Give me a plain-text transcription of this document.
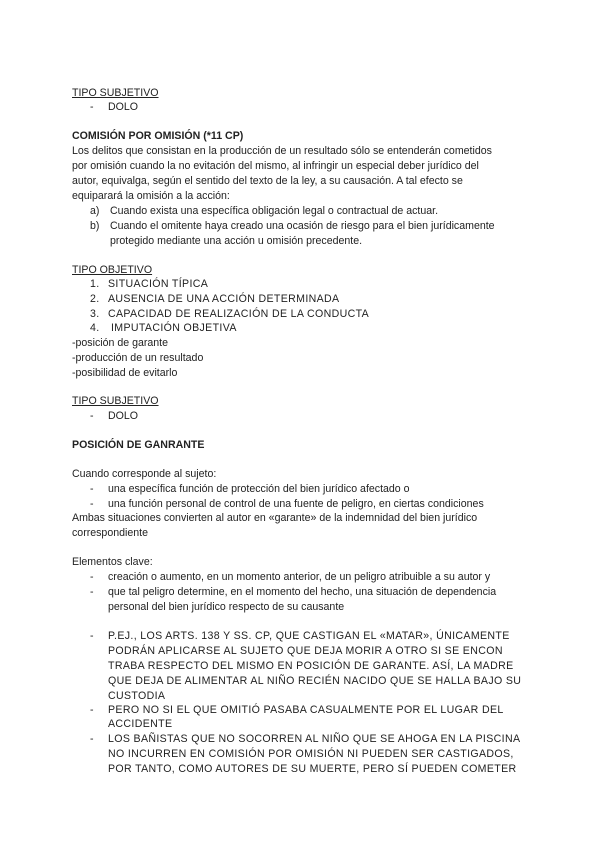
TIPO SUBJETIVO
- DOLO
COMISIÓN POR OMISIÓN (*11 CP)
Los delitos que consistan en la producción de un resultado sólo se entenderán cometidos
por omisión cuando la no evitación del mismo, al infringir un especial deber jurídico del
autor, equivalga, según el sentido del texto de la ley, a su causación. A tal efecto se
equiparará la omisión a la acción:
a) Cuando exista una específica obligación legal o contractual de actuar.
b) Cuando el omitente haya creado una ocasión de riesgo para el bien jurídicamente
protegido mediante una acción u omisión precedente.
TIPO OBJETIVO
1. SITUACIÓN TÍPICA
2. AUSENCIA DE UNA ACCIÓN DETERMINADA
3. CAPACIDAD DE REALIZACIÓN DE LA CONDUCTA
4. IMPUTACIÓN OBJETIVA
-posición de garante
-producción de un resultado
-posibilidad de evitarlo
TIPO SUBJETIVO
- DOLO
POSICIÓN DE GANRANTE
Cuando corresponde al sujeto:
- una específica función de protección del bien jurídico afectado o
- una función personal de control de una fuente de peligro, en ciertas condiciones
Ambas situaciones convierten al autor en «garante» de la indemnidad del bien jurídico
correspondiente
Elementos clave:
- creación o aumento, en un momento anterior, de un peligro atribuible a su autor y
- que tal peligro determine, en el momento del hecho, una situación de dependencia
personal del bien jurídico respecto de su causante
- P.EJ., LOS ARTS. 138 Y SS. CP, QUE CASTIGAN EL «MATAR», ÚNICAMENTE
PODRÁN APLICARSE AL SUJETO QUE DEJA MORIR A OTRO SI SE ENCON
TRABA RESPECTO DEL MISMO EN POSICIÓN DE GARANTE. ASÍ, LA MADRE
QUE DEJA DE ALIMENTAR AL NIÑO RECIÉN NACIDO QUE SE HALLA BAJO SU
CUSTODIA
- PERO NO SI EL QUE OMITIÓ PASABA CASUALMENTE POR EL LUGAR DEL
ACCIDENTE
- LOS BAÑISTAS QUE NO SOCORREN AL NIÑO QUE SE AHOGA EN LA PISCINA
NO INCURREN EN COMISIÓN POR OMISIÓN NI PUEDEN SER CASTIGADOS,
POR TANTO, COMO AUTORES DE SU MUERTE, PERO SÍ PUEDEN COMETER
